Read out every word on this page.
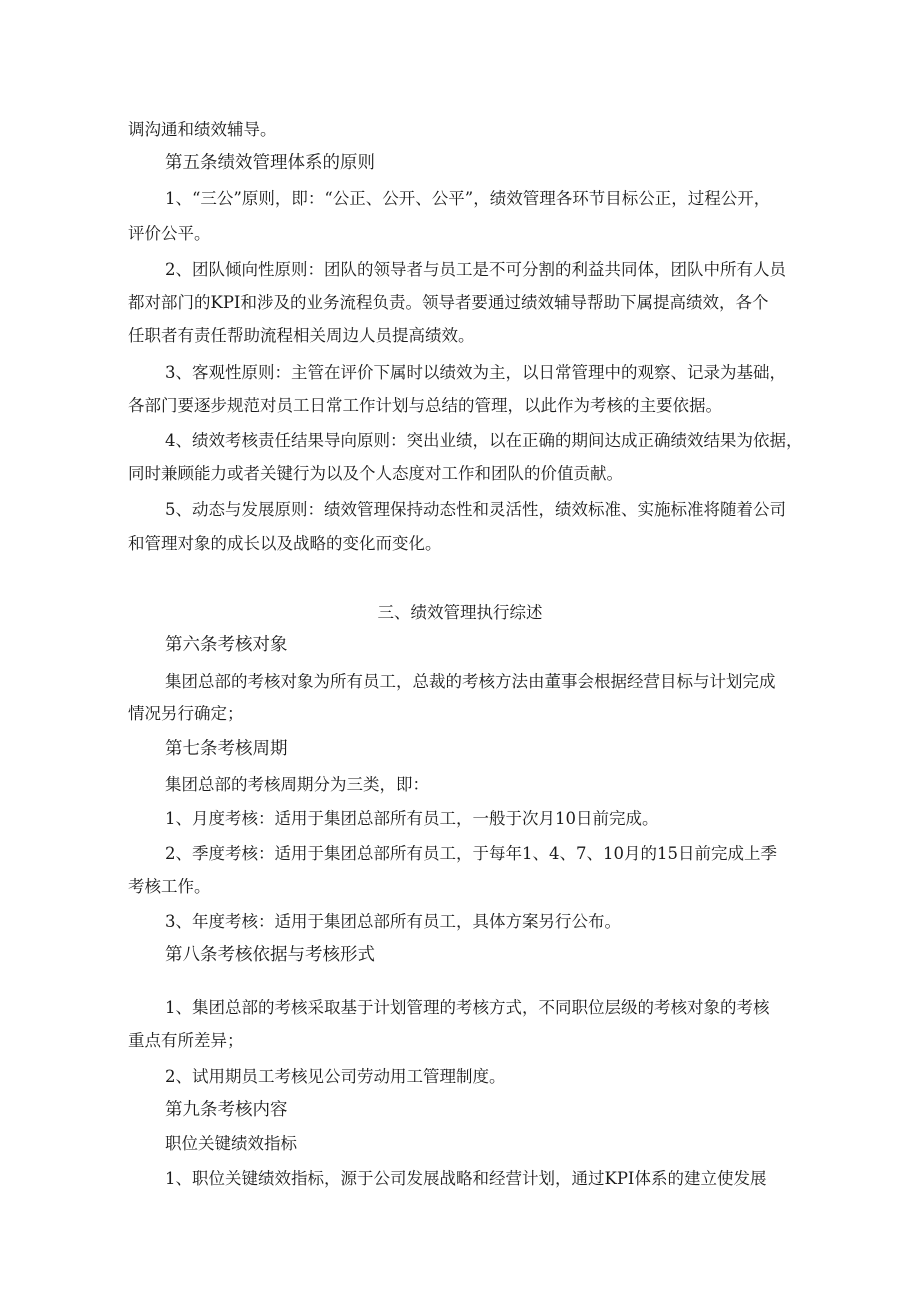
调沟通和绩效辅导。
第五条绩效管理体系的原则
1、“三公”原则，即：“公正、公开、公平”，绩效管理各环节目标公正，过程公开，
评价公平。
2、团队倾向性原则：团队的领导者与员工是不可分割的利益共同体，团队中所有人员
都对部门的KPI和涉及的业务流程负责。领导者要通过绩效辅导帮助下属提高绩效，各个
任职者有责任帮助流程相关周边人员提高绩效。
3、客观性原则：主管在评价下属时以绩效为主，以日常管理中的观察、记录为基础，
各部门要逐步规范对员工日常工作计划与总结的管理，以此作为考核的主要依据。
4、绩效考核责任结果导向原则：突出业绩，以在正确的期间达成正确绩效结果为依据，
同时兼顾能力或者关键行为以及个人态度对工作和团队的价值贡献。
5、动态与发展原则：绩效管理保持动态性和灵活性，绩效标准、实施标准将随着公司
和管理对象的成长以及战略的变化而变化。
三、绩效管理执行综述
第六条考核对象
集团总部的考核对象为所有员工，总裁的考核方法由董事会根据经营目标与计划完成
情况另行确定；
第七条考核周期
集团总部的考核周期分为三类，即：
1、月度考核：适用于集团总部所有员工，一般于次月10日前完成。
2、季度考核：适用于集团总部所有员工，于每年1、4、7、10月的15日前完成上季
考核工作。
3、年度考核：适用于集团总部所有员工，具体方案另行公布。
第八条考核依据与考核形式
1、集团总部的考核采取基于计划管理的考核方式，不同职位层级的考核对象的考核
重点有所差异；
2、试用期员工考核见公司劳动用工管理制度。
第九条考核内容
职位关键绩效指标
1、职位关键绩效指标，源于公司发展战略和经营计划，通过KPI体系的建立使发展
